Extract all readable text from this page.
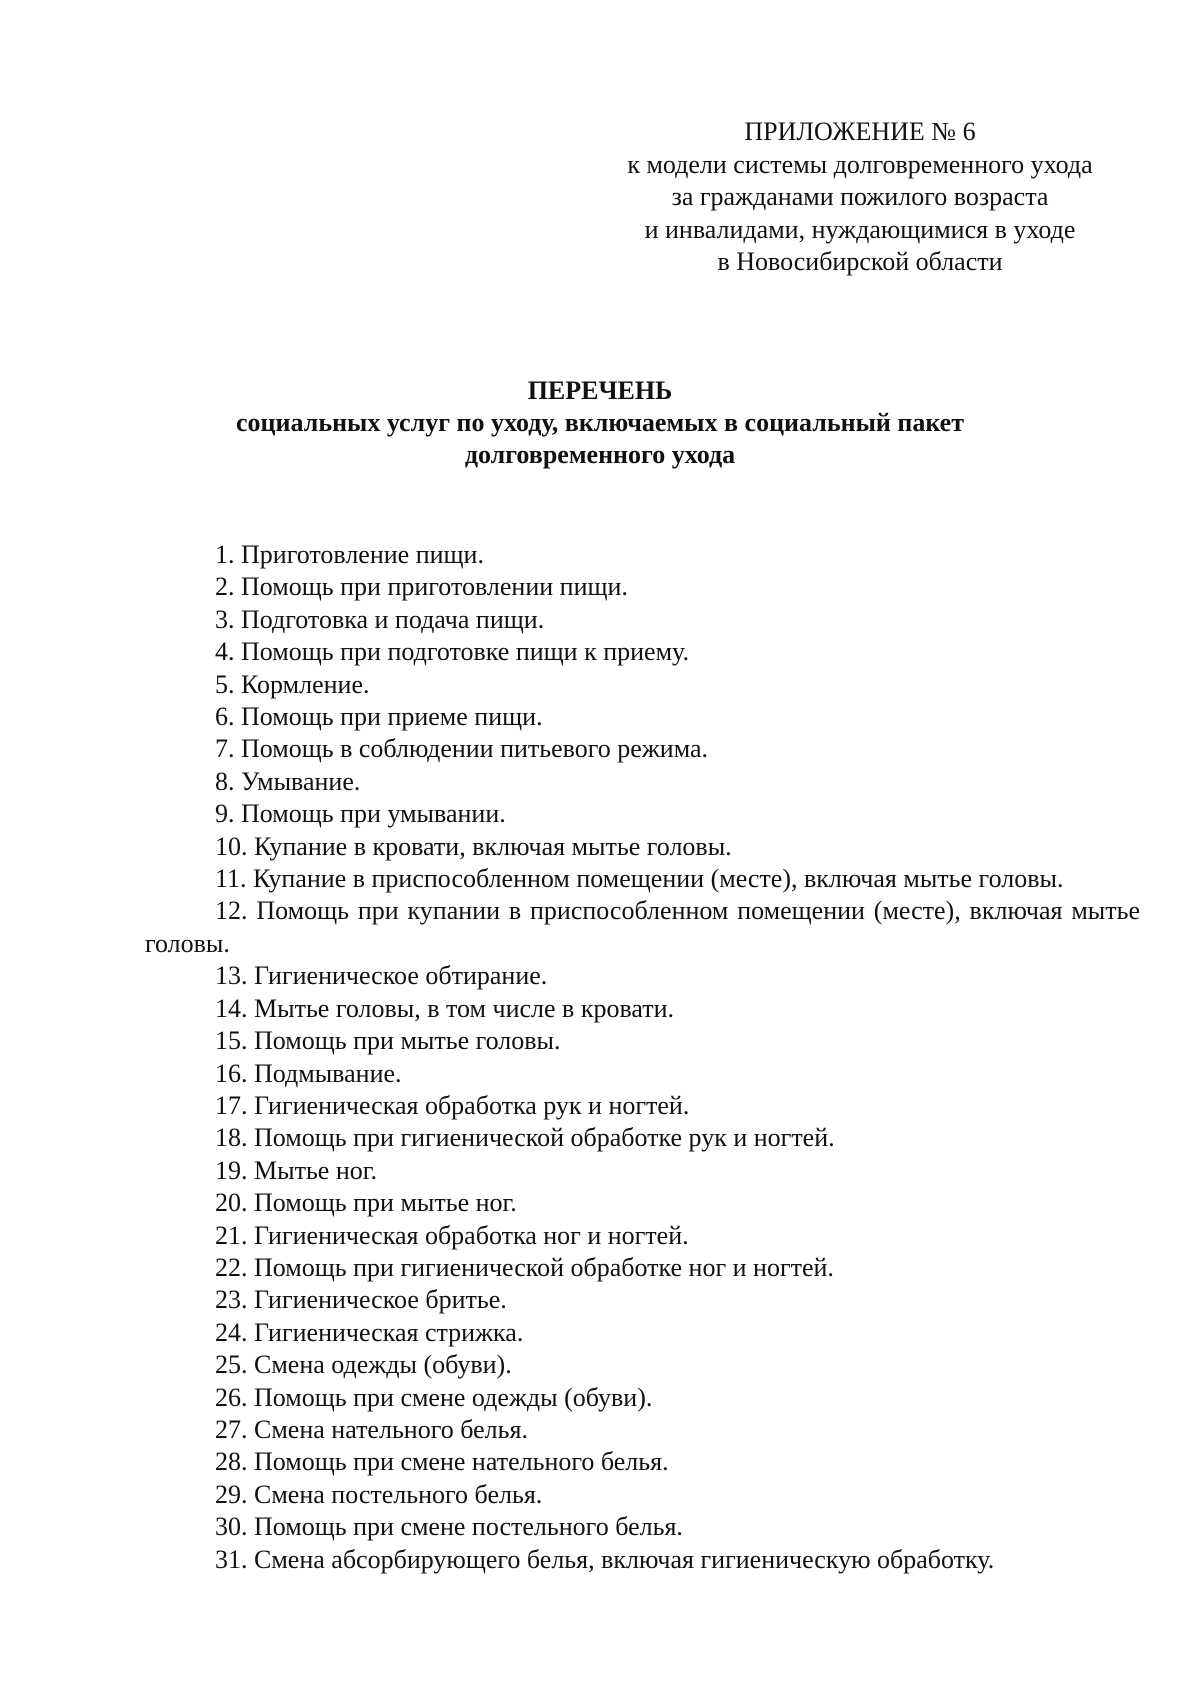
ПРИЛОЖЕНИЕ № 6
к модели системы долговременного ухода
за гражданами пожилого возраста
и инвалидами, нуждающимися в уходе
в Новосибирской области
ПЕРЕЧЕНЬ
социальных услуг по уходу, включаемых в социальный пакет
долговременного ухода

1. Приготовление пищи.

2. Помощь при приготовлении пищи.

3. Подготовка и подача пищи.

4. Помощь при подготовке пищи к приему.

5. Кормление.

6. Помощь при приеме пищи.

7. Помощь в соблюдении питьевого режима.

8. Умывание.

9. Помощь при умывании.

10. Купание в кровати, включая мытье головы.

11. Купание в приспособленном помещении (месте), включая мытье головы.

12. Помощь при купании в приспособленном помещении (месте), включая мытье головы.

13. Гигиеническое обтирание.

14. Мытье головы, в том числе в кровати.

15. Помощь при мытье головы.

16. Подмывание.

17. Гигиеническая обработка рук и ногтей.

18. Помощь при гигиенической обработке рук и ногтей.

19. Мытье ног.

20. Помощь при мытье ног.

21. Гигиеническая обработка ног и ногтей.

22. Помощь при гигиенической обработке ног и ногтей.

23. Гигиеническое бритье.

24. Гигиеническая стрижка.

25. Смена одежды (обуви).

26. Помощь при смене одежды (обуви).

27. Смена нательного белья.

28. Помощь при смене нательного белья.

29. Смена постельного белья.

30. Помощь при смене постельного белья.

31. Смена абсорбирующего белья, включая гигиеническую обработку.
